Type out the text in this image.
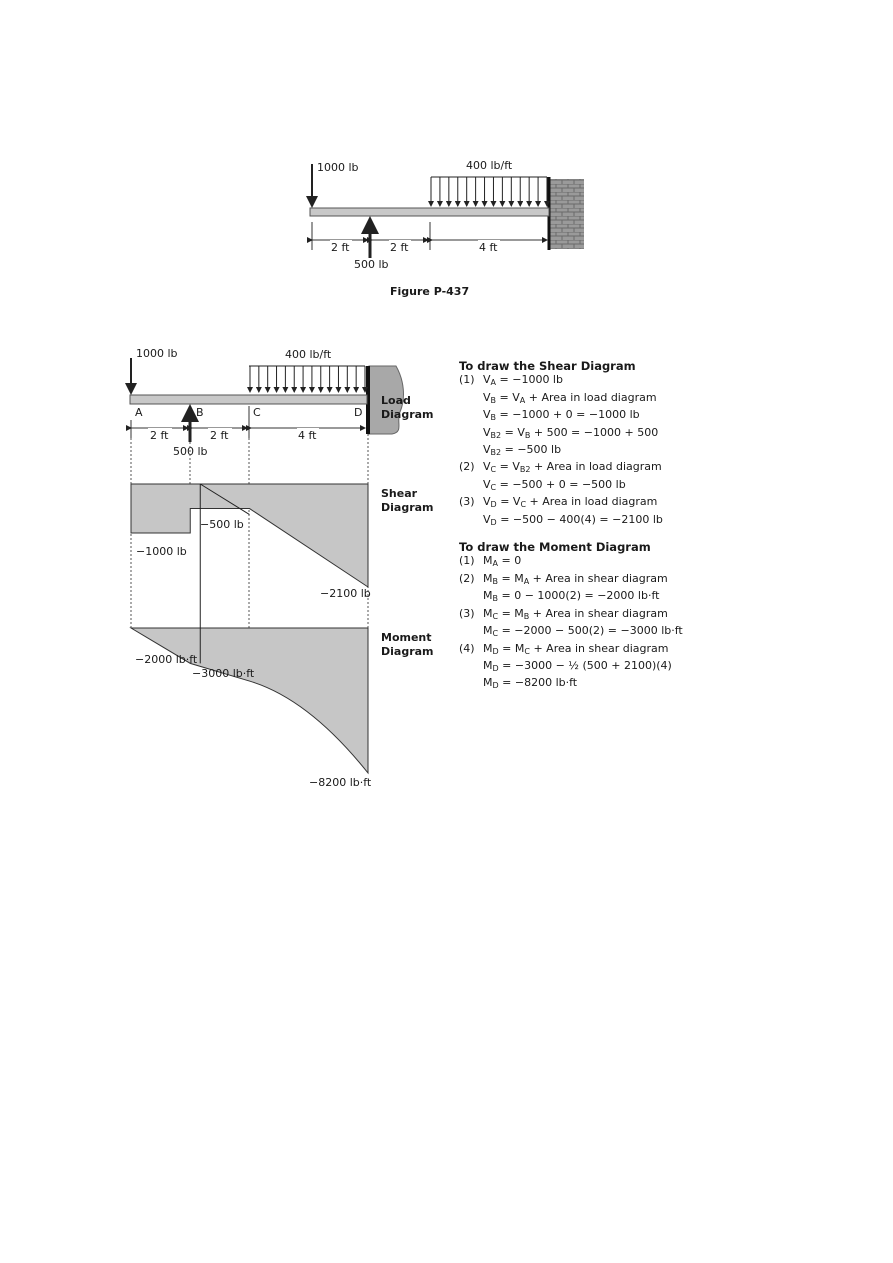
1000 lb	400 lb/ft
500 lb
2 ft	2 ft	4 ft
Figure P-437
1000 lb	400 lb/ft
500 lb
A	B	C	D
2 ft	2 ft	4 ft
Load
Diagram
−1000 lb
−500 lb
−2100 lb
Shear
Diagram
−2000 lb·ft
−3000 lb·ft
−8200 lb·ft
Moment
Diagram
To draw the Shear Diagram
(1) $V_A = -1000$ lb
$V_B = V_A$ + Area in load diagram
$V_B = -1000 + 0 = -1000$ lb
$V_{B2} = V_B + 500 = -1000 + 500$
$V_{B2} = -500$ lb
(2) $V_C = V_{B2}$ + Area in load diagram
$V_C = -500 + 0 = -500$ lb
(3) $V_D = V_C$ + Area in load diagram
$V_D = -500 - 400(4) = -2100$ lb
To draw the Moment Diagram
(1) $M_A = 0$
(2) $M_B = M_A$ + Area in shear diagram
$M_B = 0 - 1000(2) = -2000$ lb·ft
(3) $M_C = M_B$ + Area in shear diagram
$M_C = -2000 - 500(2) = -3000$ lb·ft
(4) $M_D = M_C$ + Area in shear diagram
$M_D = -3000$ − ½ (500 + 2100)(4)
$M_D = -8200$ lb·ft
